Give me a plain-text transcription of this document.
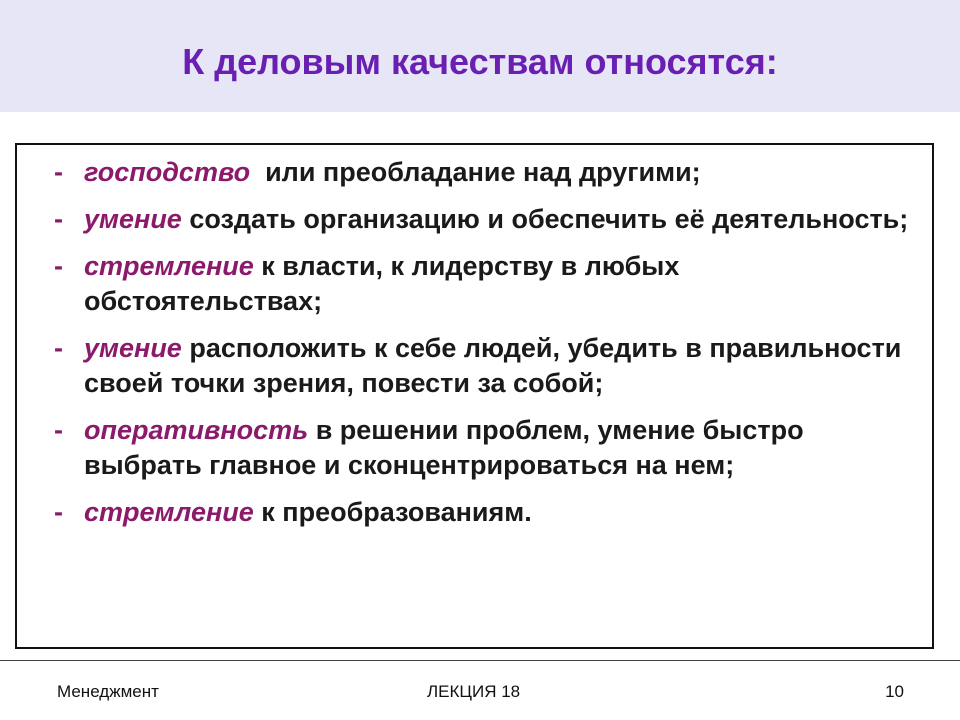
К деловым качествам относятся:
- господство  или преобладание над другими;
- умение создать организацию и обеспечить её деятельность;
- стремление к власти, к лидерству в любых обстоятельствах;
- умение расположить к себе людей, убедить в правильности своей точки зрения, повести за собой;
- оперативность в решении проблем, умение быстро выбрать главное и сконцентрироваться на нем;
- стремление к преобразованиям.
Менеджмент	ЛЕКЦИЯ 18	10
